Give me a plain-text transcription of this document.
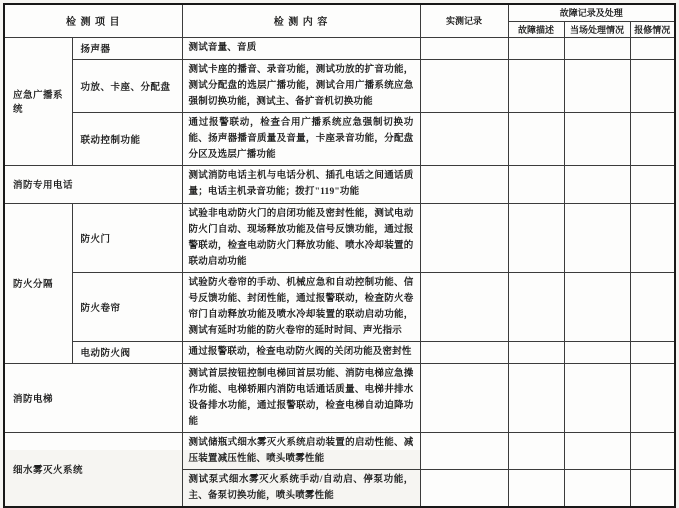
检 测 项 目		检 测 内 容	实测记录	故障记录及处理		
				故障描述	当场处理情况	报修情况
应急广播系统	扬声器	测试音量、音质				
	功放、卡座、分配盘	测试卡座的播音、录音功能，测试功放的扩音功能，测试分配盘的选层广播功能，测试合用广播系统应急强制切换功能，测试主、备扩音机切换功能				
	联动控制功能	通过报警联动，检查合用广播系统应急强制切换功能、扬声器播音质量及音量，卡座录音功能，分配盘分区及选层广播功能				
消防专用电话		测试消防电话主机与电话分机、插孔电话之间通话质量；电话主机录音功能；拨打"119"功能				
防火分隔	防火门	试验非电动防火门的启闭功能及密封性能，测试电动防火门自动、现场释放功能及信号反馈功能，通过报警联动，检查电动防火门释放功能、喷水冷却装置的联动启动功能				
	防火卷帘	试验防火卷帘的手动、机械应急和自动控制功能、信号反馈功能、封闭性能，通过报警联动，检查防火卷帘门自动释放功能及喷水冷却装置的联动启动功能，测试有延时功能的防火卷帘的延时时间、声光指示				
	电动防火阀	通过报警联动，检查电动防火阀的关闭功能及密封性				
消防电梯		测试首层按钮控制电梯回首层功能、消防电梯应急操作功能、电梯轿厢内消防电话通话质量、电梯井排水设备排水功能，通过报警联动，检查电梯自动迫降功能				
细水雾灭火系统		测试储瓶式细水雾灭火系统启动装置的启动性能、减压装置减压性能、喷头喷雾性能				
		测试泵式细水雾灭火系统手动/自动启、停泵功能，主、备泵切换功能，喷头喷雾性能				
